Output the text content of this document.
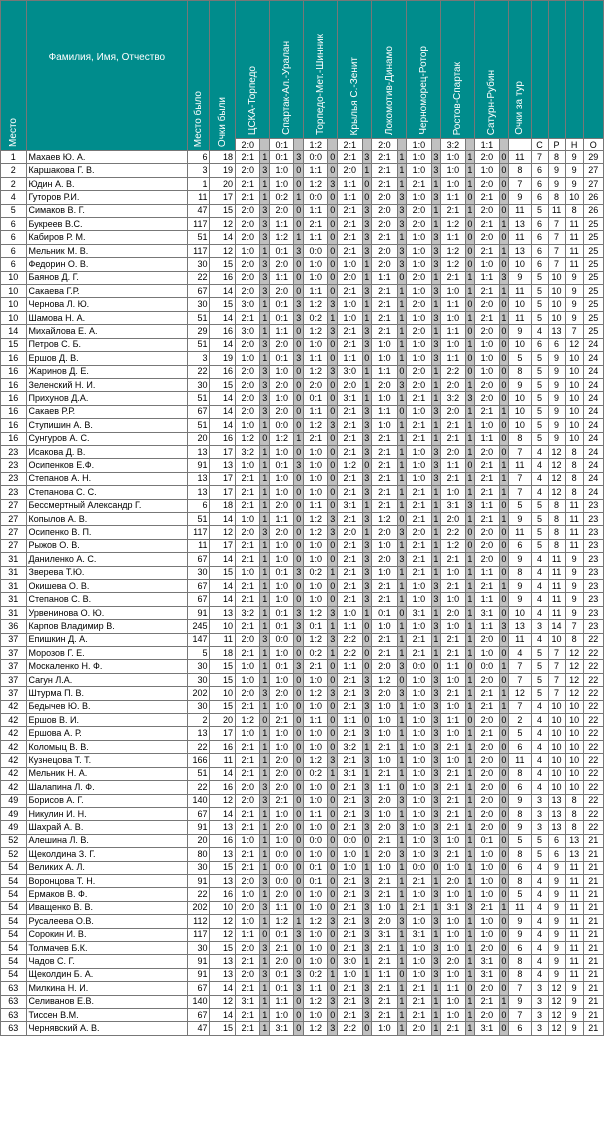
Место	Фамилия, Имя, Отчество	Место было	Очки были	ЦСКА-Торпедо		Спартак-Ал.-Уралан		Торпедо-Мет.-Шинник		Крылья С.-Зенит		Локомотив-Динамо		Черноморец-Ротор		Ростов-Спартак		Сатурн-Рубин		Очки за тур				

				2:0		0:1		1:2		2:1		2:0		1:0		3:2		1:1			С	Р	Н	О
1	Махаев Ю. А.	6	18	2:1	1	0:1	3	0:0	0	2:1	3	2:1	1	1:0	3	1:0	1	2:0	0	11	7	8	9	29
2	Каршакова Г. В.	3	19	2:0	3	1:0	0	1:1	0	2:0	1	2:1	1	1:0	3	1:0	1	1:0	0	8	6	9	9	27
2	Юдин А. В.	1	20	2:1	1	1:0	0	1:2	3	1:1	0	2:1	1	2:1	1	1:0	1	2:0	0	7	6	9	9	27
4	Гуторов Р.И.	11	17	2:1	1	0:2	1	0:0	0	1:1	0	2:0	3	1:0	3	1:1	0	2:1	0	9	6	8	10	26
5	Симаков В. Г.	47	15	2:0	3	2:0	0	1:1	0	2:1	3	2:0	3	2:0	1	2:1	1	2:0	0	11	5	11	8	26
6	Букреев В.С.	117	12	2:0	3	1:1	0	2:1	0	2:1	3	2:0	3	2:0	1	1:2	0	2:1	1	13	6	7	11	25
6	Кабиров Р. М.	51	14	2:0	3	1:2	1	1:1	0	2:1	3	2:1	1	1:0	3	1:1	0	2:0	0	11	6	7	11	25
6	Мельник М. В.	117	12	1:0	1	0:1	3	0:0	0	2:1	3	2:0	3	1:0	3	1:2	0	2:1	1	13	6	7	11	25
6	Федорин О. В.	30	15	2:0	3	2:0	0	1:0	0	1:0	1	2:0	3	1:0	3	1:2	0	1:0	0	10	6	7	11	25
10	Баянов Д. Г.	22	16	2:0	3	1:1	0	1:0	0	2:0	1	1:1	0	2:0	1	2:1	1	1:1	3	9	5	10	9	25
10	Сакаева Г.Р.	67	14	2:0	3	2:0	0	1:1	0	2:1	3	2:1	1	1:0	3	1:0	1	2:1	1	11	5	10	9	25
10	Чернова Л. Ю.	30	15	3:0	1	0:1	3	1:2	3	1:0	1	2:1	1	2:0	1	1:1	0	2:0	0	10	5	10	9	25
10	Шамова Н. А.	51	14	2:1	1	0:1	3	0:2	1	1:0	1	2:1	1	1:0	3	1:0	1	2:1	1	11	5	10	9	25
14	Михайлова Е. А.	29	16	3:0	1	1:1	0	1:2	3	2:1	3	2:1	1	2:0	1	1:1	0	2:0	0	9	4	13	7	25
15	Петров С. Б.	51	14	2:0	3	2:0	0	1:0	0	2:1	3	1:0	1	1:0	3	1:0	1	1:0	0	10	6	6	12	24
16	Ершов Д. В.	3	19	1:0	1	0:1	3	1:1	0	1:1	0	1:0	1	1:0	3	1:1	0	1:0	0	5	5	9	10	24
16	Жаринов Д. Е.	22	16	2:0	3	1:0	0	1:2	3	3:0	1	1:1	0	2:0	1	2:2	0	1:0	0	8	5	9	10	24
16	Зеленский Н. И.	30	15	2:0	3	2:0	0	2:0	0	2:0	1	2:0	3	2:0	1	2:0	1	2:0	0	9	5	9	10	24
16	Прихунов Д.А.	51	14	2:0	3	1:0	0	0:1	0	3:1	1	1:0	1	2:1	1	3:2	3	2:0	0	10	5	9	10	24
16	Сакаев Р.Р.	67	14	2:0	3	2:0	0	1:1	0	2:1	3	1:1	0	1:0	3	2:0	1	2:1	1	10	5	9	10	24
16	Ступишин А. В.	51	14	1:0	1	0:0	0	1:2	3	2:1	3	1:0	1	2:1	1	2:1	1	1:0	0	10	5	9	10	24
16	Сунгуров А. С.	20	16	1:2	0	1:2	1	2:1	0	2:1	3	2:1	1	2:1	1	2:1	1	1:1	0	8	5	9	10	24
23	Исакова Д. В.	13	17	3:2	1	1:0	0	1:0	0	2:1	3	2:1	1	1:0	3	2:0	1	2:0	0	7	4	12	8	24
23	Осипенков Е.Ф.	91	13	1:0	1	0:1	3	1:0	0	1:2	0	2:1	1	1:0	3	1:1	0	2:1	1	11	4	12	8	24
23	Степанов А. Н.	13	17	2:1	1	1:0	0	1:0	0	2:1	3	2:1	1	1:0	3	2:1	1	2:1	1	7	4	12	8	24
23	Степанова С. С.	13	17	2:1	1	1:0	0	1:0	0	2:1	3	2:1	1	2:1	1	1:0	1	2:1	1	7	4	12	8	24
27	Бессмертный Александр Г.	6	18	2:1	1	2:0	0	1:1	0	3:1	1	2:1	1	2:1	1	3:1	3	1:1	0	5	5	8	11	23
27	Копылов А. В.	51	14	1:0	1	1:1	0	1:2	3	2:1	3	1:2	0	2:1	1	2:0	1	2:1	1	9	5	8	11	23
27	Осипенко В. П.	117	12	2:0	3	2:0	0	1:2	3	2:0	1	2:0	3	2:0	1	2:2	0	2:0	0	11	5	8	11	23
27	Рыжов О. В.	11	17	2:1	1	1:0	0	1:0	0	2:1	3	1:0	1	2:1	1	1:2	0	2:0	0	6	5	8	11	23
31	Даниленко А. С.	67	14	2:1	1	1:0	0	1:0	0	2:1	3	2:0	3	2:1	1	2:1	1	2:0	0	9	4	11	9	23
31	Зверева Т.Ю.	30	15	1:0	1	0:1	3	0:2	1	2:1	3	1:0	1	2:1	1	1:0	1	1:1	0	8	4	11	9	23
31	Окишева О. В.	67	14	2:1	1	1:0	0	1:0	0	2:1	3	2:1	1	1:0	3	2:1	1	2:1	1	9	4	11	9	23
31	Степанов С. В.	67	14	2:1	1	1:0	0	1:0	0	2:1	3	2:1	1	1:0	3	1:0	1	1:1	0	9	4	11	9	23
31	Урвенинова О. Ю.	91	13	3:2	1	0:1	3	1:2	3	1:0	1	0:1	0	3:1	1	2:0	1	3:1	0	10	4	11	9	23
36	Карпов Владимир В.	245	10	2:1	1	0:1	3	0:1	1	1:1	0	1:0	1	1:0	3	1:0	1	1:1	3	13	3	14	7	23
37	Епишкин Д. А.	147	11	2:0	3	0:0	0	1:2	3	2:2	0	2:1	1	2:1	1	2:1	1	2:0	0	11	4	10	8	22
37	Морозов Г. Е.	5	18	2:1	1	1:0	0	0:2	1	2:2	0	2:1	1	2:1	1	2:1	1	1:0	0	4	5	7	12	22
37	Москаленко Н. Ф.	30	15	1:0	1	0:1	3	2:1	0	1:1	0	2:0	3	0:0	0	1:1	0	0:0	1	7	5	7	12	22
37	Сагун Л.А.	30	15	1:0	1	1:0	0	1:0	0	2:1	3	1:2	0	1:0	3	1:0	1	2:0	0	7	5	7	12	22
37	Штурма П. В.	202	10	2:0	3	2:0	0	1:2	3	2:1	3	2:0	3	1:0	3	2:1	1	2:1	1	12	5	7	12	22
42	Бедычев Ю. В.	30	15	2:1	1	1:0	0	1:0	0	2:1	3	1:0	1	1:0	3	1:0	1	2:1	1	7	4	10	10	22
42	Ершов В. И.	2	20	1:2	0	2:1	0	1:1	0	1:1	0	1:0	1	1:0	3	1:1	0	2:0	0	2	4	10	10	22
42	Ершова А. Р.	13	17	1:0	1	1:0	0	1:0	0	2:1	3	1:0	1	1:0	3	1:0	1	2:1	0	5	4	10	10	22
42	Коломыц В. В.	22	16	2:1	1	1:0	0	1:0	0	3:2	1	2:1	1	1:0	3	2:1	1	2:0	0	6	4	10	10	22
42	Кузнецова Т. Т.	166	11	2:1	1	2:0	0	1:2	3	2:1	3	1:0	1	1:0	3	1:0	1	2:0	0	11	4	10	10	22
42	Мельник Н. А.	51	14	2:1	1	2:0	0	0:2	1	3:1	1	2:1	1	1:0	3	2:1	1	2:0	0	8	4	10	10	22
42	Шалапина Л. Ф.	22	16	2:0	3	2:0	0	1:0	0	2:1	3	1:1	0	1:0	3	2:1	1	2:0	0	6	4	10	10	22
49	Борисов А. Г.	140	12	2:0	3	2:1	0	1:0	0	2:1	3	2:0	3	1:0	3	2:1	1	2:0	0	9	3	13	8	22
49	Никулин И. Н.	67	14	2:1	1	1:0	0	1:1	0	2:1	3	1:0	1	1:0	3	2:1	1	2:0	0	8	3	13	8	22
49	Шахрай А. В.	91	13	2:1	1	2:0	0	1:0	0	2:1	3	2:0	3	1:0	3	2:1	1	2:0	0	9	3	13	8	22
52	Алешина Л. В.	20	16	1:0	1	1:0	0	0:0	0	0:0	0	2:1	1	1:0	3	1:0	1	0:1	0	5	5	6	13	21
52	Щеколдина З. Г.	80	13	2:1	1	0:0	0	1:0	0	1:0	1	2:0	3	1:0	3	2:1	1	1:0	0	8	5	6	13	21
54	Великих А. Л.	30	15	2:1	1	0:0	0	0:1	0	1:0	1	1:0	1	0:0	0	1:0	1	1:0	0	6	4	9	11	21
54	Воронцова Т. Н.	91	13	2:0	3	0:0	0	0:1	0	2:1	3	2:1	1	2:1	1	2:0	1	1:0	0	8	4	9	11	21
54	Ермаков В. Ф.	22	16	1:0	1	2:0	0	1:0	0	2:1	3	2:1	1	1:0	3	1:0	1	1:0	0	5	4	9	11	21
54	Иващенко В. В.	202	10	2:0	3	1:1	0	1:0	0	2:1	3	1:0	1	2:1	1	3:1	3	2:1	1	11	4	9	11	21
54	Русалеева О.В.	112	12	1:0	1	1:2	1	1:2	3	2:1	3	2:0	3	1:0	3	1:0	1	1:0	0	9	4	9	11	21
54	Сорокин И. В.	117	12	1:1	0	0:1	3	1:0	0	2:1	3	3:1	1	3:1	1	1:0	1	1:0	0	9	4	9	11	21
54	Толмачев Б.К.	30	15	2:0	3	2:1	0	1:0	0	2:1	3	2:1	1	1:0	3	1:0	1	2:0	0	6	4	9	11	21
54	Чадов С. Г.	91	13	2:1	1	2:0	0	1:0	0	3:0	1	2:1	1	1:0	3	2:0	1	3:1	0	8	4	9	11	21
54	Щеколдин Б. А.	91	13	2:0	3	0:1	3	0:2	1	1:0	1	1:1	0	1:0	3	1:0	1	3:1	0	8	4	9	11	21
63	Милкина Н. И.	67	14	2:1	1	0:1	3	1:1	0	2:1	3	2:1	1	2:1	1	1:1	0	2:0	0	7	3	12	9	21
63	Селиванов Е.В.	140	12	3:1	1	1:1	0	1:2	3	2:1	3	2:1	1	2:1	1	1:0	1	2:1	1	9	3	12	9	21
63	Тиссен В.М.	67	14	2:1	1	1:0	0	1:0	0	2:1	3	2:1	1	2:1	1	1:0	1	2:0	0	7	3	12	9	21
63	Чернявский А. В.	47	15	2:1	1	3:1	0	1:2	3	2:2	0	1:0	1	2:0	1	2:1	1	3:1	0	6	3	12	9	21
